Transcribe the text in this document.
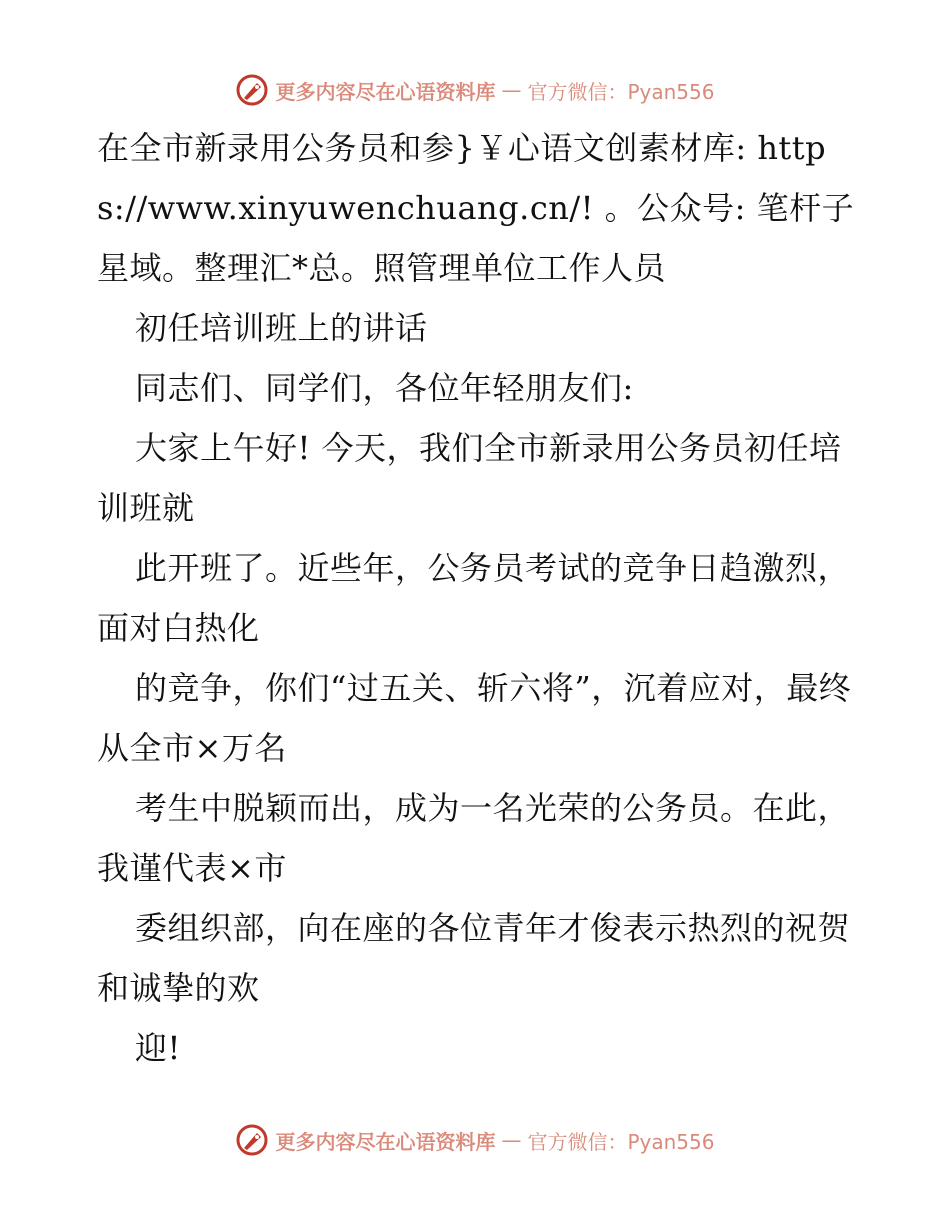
更多内容尽在心语资料库 — 官方微信：Pyan556

在全市新录用公务员和参}￥心语文创素材库: https://www.xinyuwenchuang.cn/! 。公众号: 笔杆子星域。整理汇*总。照管理单位工作人员

初任培训班上的讲话

同志们、同学们，各位年轻朋友们:

大家上午好! 今天，我们全市新录用公务员初任培训班就

此开班了。近些年，公务员考试的竞争日趋激烈，面对白热化

的竞争，你们“过五关、斩六将”，沉着应对，最终从全市×万名

考生中脱颖而出，成为一名光荣的公务员。在此，我谨代表×市

委组织部，向在座的各位青年才俊表示热烈的祝贺和诚挚的欢

迎!

更多内容尽在心语资料库 — 官方微信：Pyan556
